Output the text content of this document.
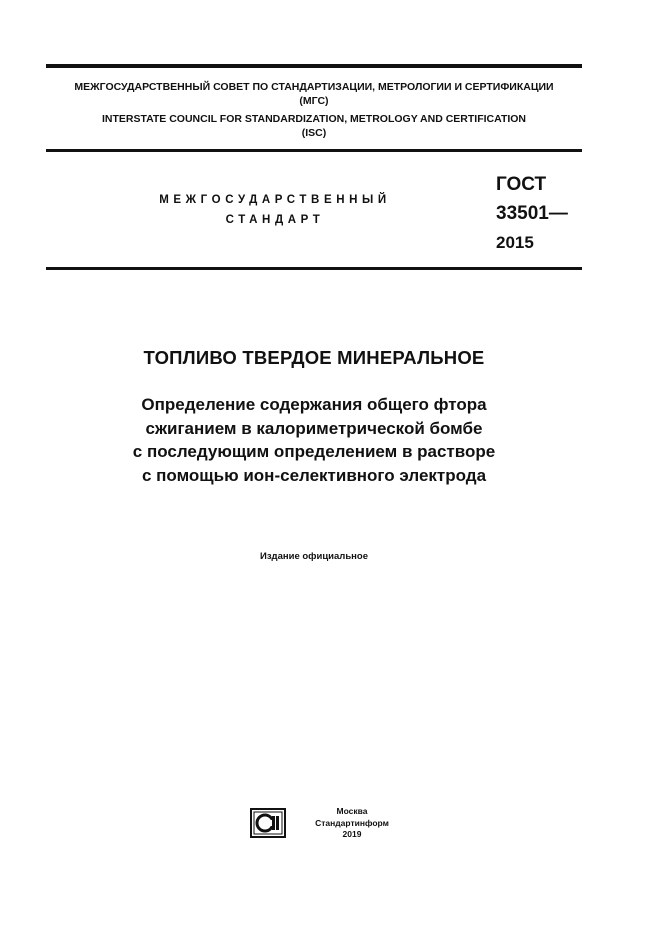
МЕЖГОСУДАРСТВЕННЫЙ СОВЕТ ПО СТАНДАРТИЗАЦИИ, МЕТРОЛОГИИ И СЕРТИФИКАЦИИ
(МГС)
INTERSTATE COUNCIL FOR STANDARDIZATION, METROLOGY AND CERTIFICATION
(ISC)
МЕЖГОСУДАРСТВЕННЫЙ
СТАНДАРТ
ГОСТ
33501—
2015
ТОПЛИВО ТВЕРДОЕ МИНЕРАЛЬНОЕ
Определение содержания общего фтора
сжиганием в калориметрической бомбе
с последующим определением в растворе
с помощью ион-селективного электрода
Издание официальное
Москва
Стандартинформ
2019
